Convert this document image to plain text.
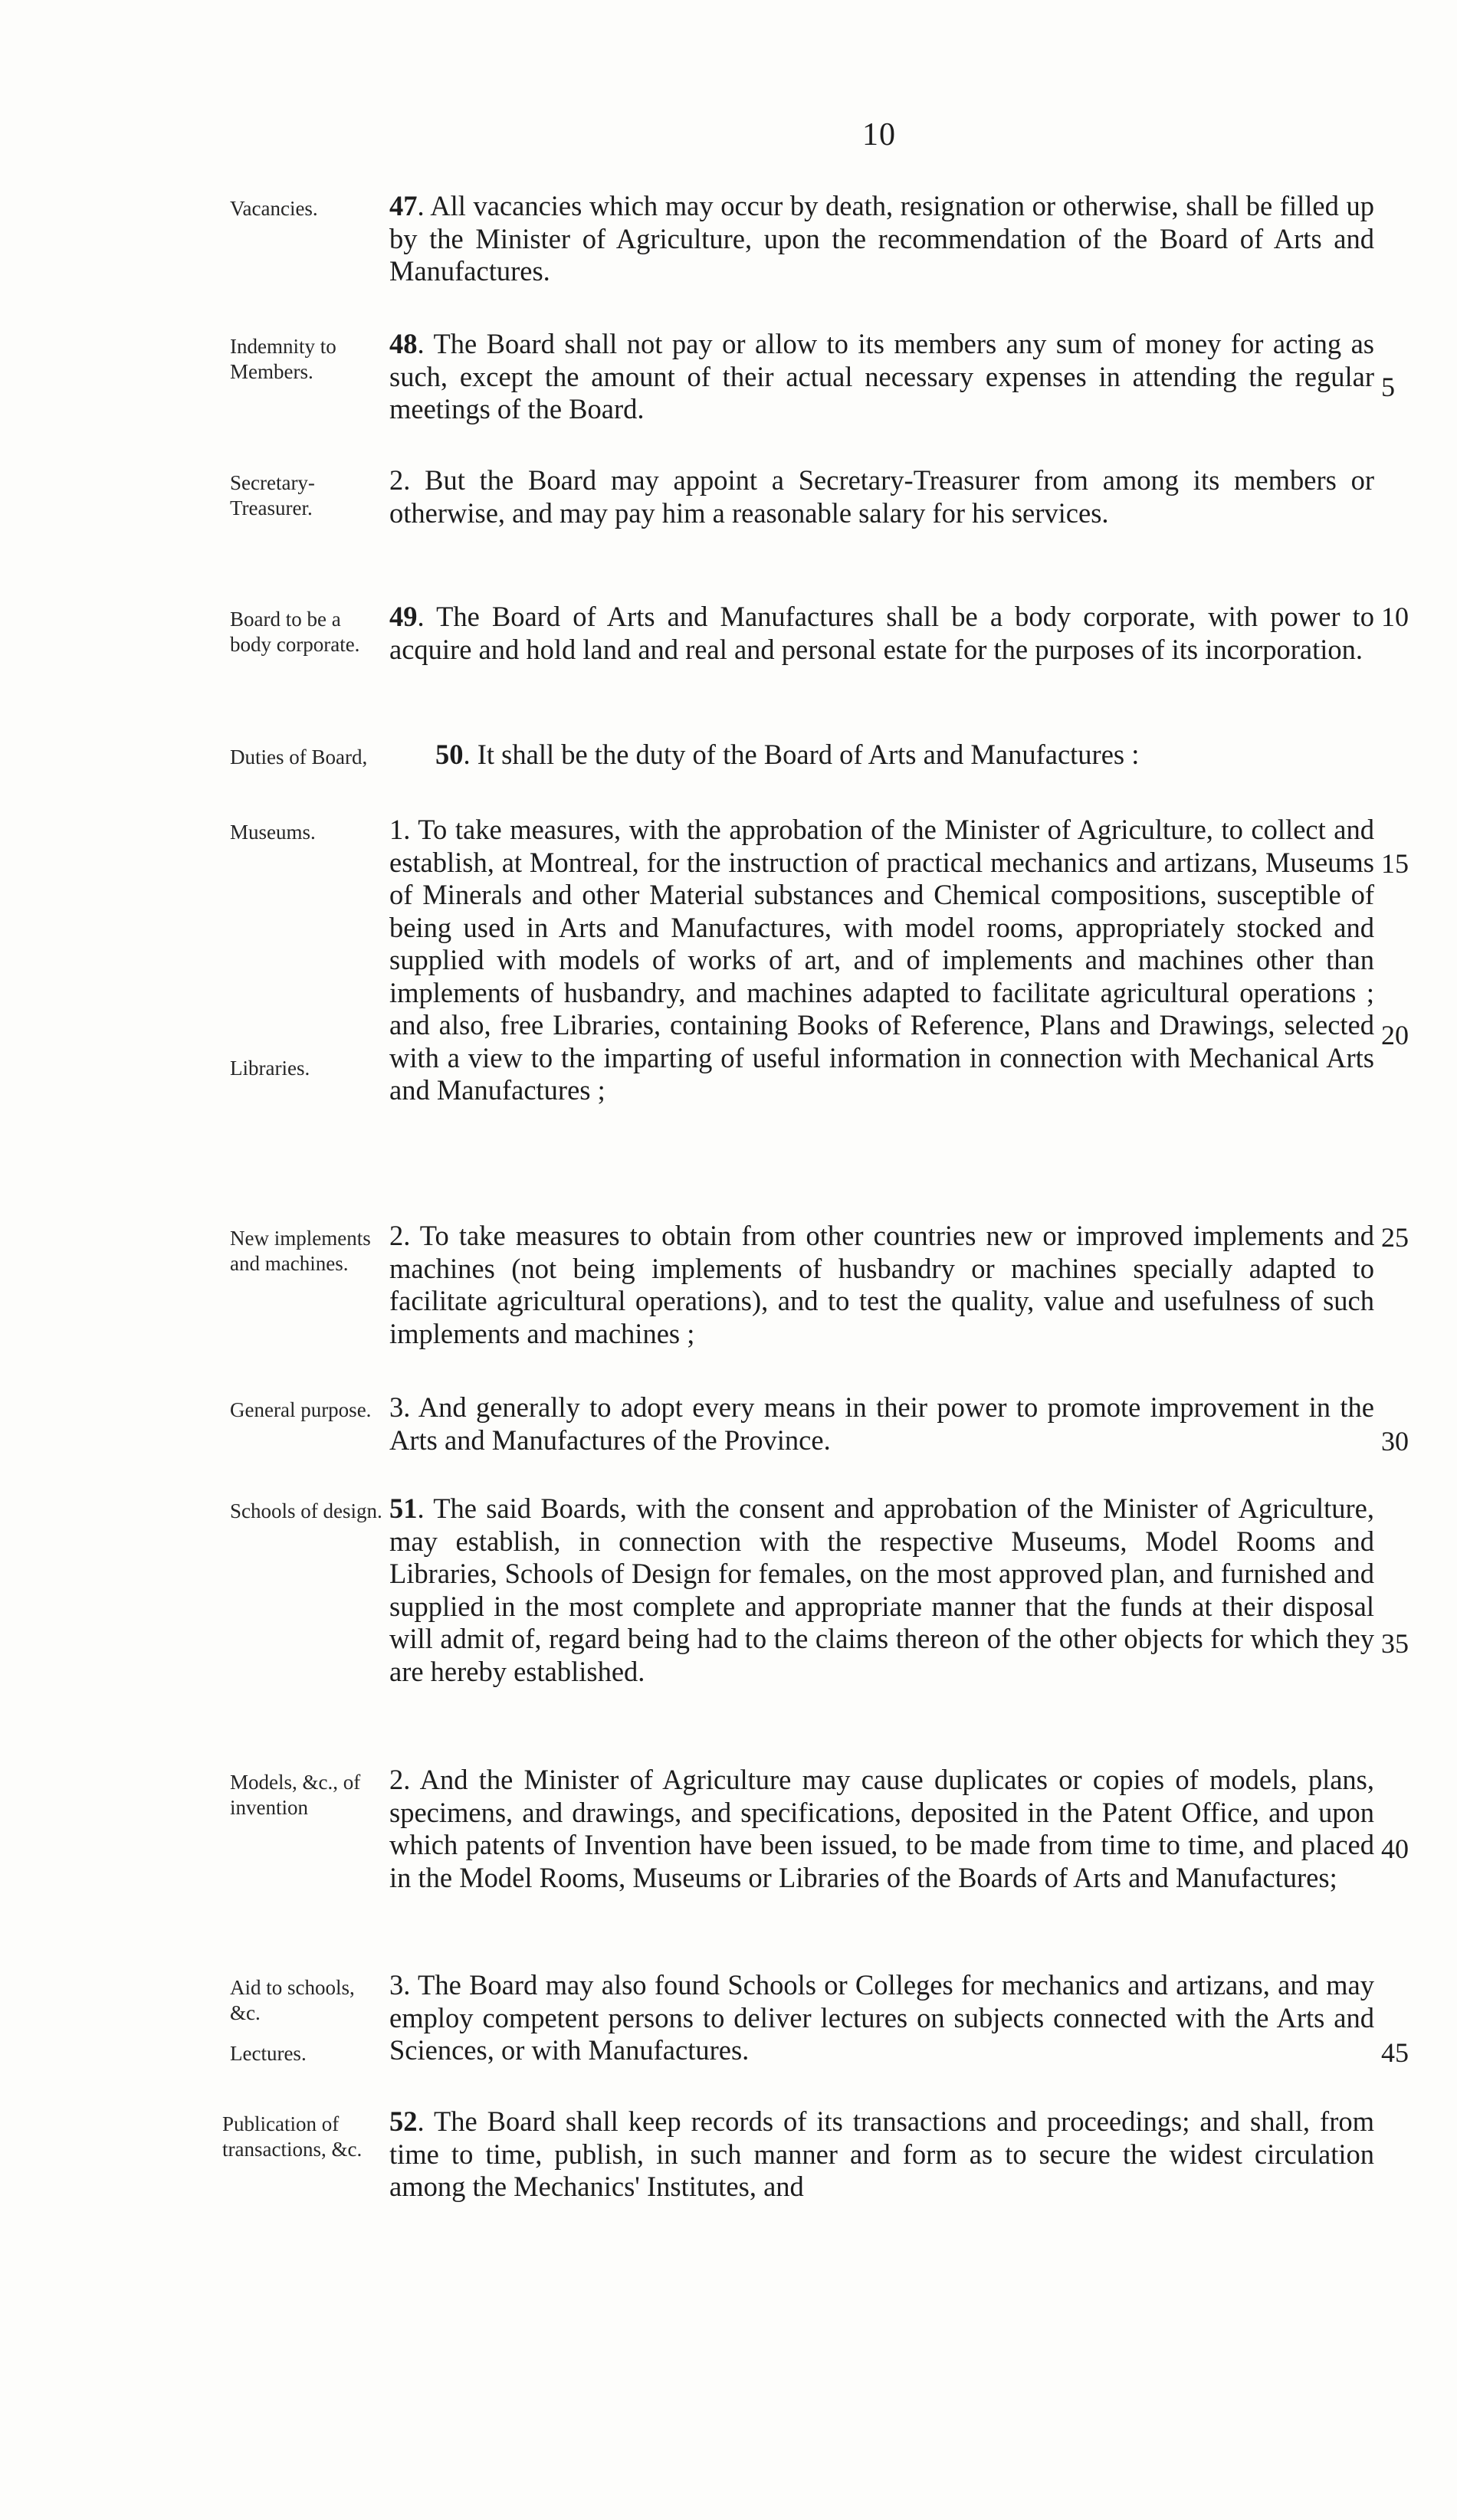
10
Vacancies.	47. All vacancies which may occur by death, resignation or otherwise, shall be filled up by the Minister of Agriculture, upon the recommendation of the Board of Arts and Manufactures.
Indemnity to Members.
48. The Board shall not pay or allow to its members any sum of money for acting as such, except the amount of their actual necessary expenses in attending the regular meetings of the Board.
5
Secretary-Treasurer.
2. But the Board may appoint a Secretary-Treasurer from among its members or otherwise, and may pay him a reasonable salary for his services.
Board to be a body corporate.
49. The Board of Arts and Manufactures shall be a body corporate, with power to acquire and hold land and real and personal estate for the purposes of its incorporation.
10
Duties of Board,	50. It shall be the duty of the Board of Arts and Manufactures :
Museums.
Libraries.
1. To take measures, with the approbation of the Minister of Agriculture, to collect and establish, at Montreal, for the instruction of practical mechanics and artizans, Museums of Minerals and other Material substances and Chemical compositions, susceptible of being used in Arts and Manufactures, with model rooms, appropriately stocked and supplied with models of works of art, and of implements and machines other than implements of husbandry, and machines adapted to facilitate agricultural operations ; and also, free Libraries, containing Books of Reference, Plans and Drawings, selected with a view to the imparting of useful information in connection with Mechanical Arts and Manufactures ;
15
20
New implements and machines.
2. To take measures to obtain from other countries new or improved implements and machines (not being implements of husbandry or machines specially adapted to facilitate agricultural operations), and to test the quality, value and usefulness of such implements and machines ;
25
General purpose. 3. And generally to adopt every means in their power to promote improvement in the Arts and Manufactures of the Province.	30
Schools of design. 51. The said Boards, with the consent and approbation of the Minister of Agriculture, may establish, in connection with the respective Museums, Model Rooms and Libraries, Schools of Design for females, on the most approved plan, and furnished and supplied in the most complete and appropriate manner that the funds at their disposal will admit of, regard being had to the claims thereon of the other objects for which they are hereby established.
35
Models, &c., of invention
2. And the Minister of Agriculture may cause duplicates or copies of models, plans, specimens, and drawings, and specifications, deposited in the Patent Office, and upon which patents of Invention have been issued, to be made from time to time, and placed in the Model Rooms, Museums or Libraries of the Boards of Arts and Manufactures;
40
Aid to schools, &c.
Lectures.
3. The Board may also found Schools or Colleges for mechanics and artizans, and may employ competent persons to deliver lectures on subjects connected with the Arts and Sciences, or with Manufactures.	45
Publication of transactions, &c.
52. The Board shall keep records of its transactions and proceedings; and shall, from time to time, publish, in such manner and form as to secure the widest circulation among the Mechanics' Institutes, and
